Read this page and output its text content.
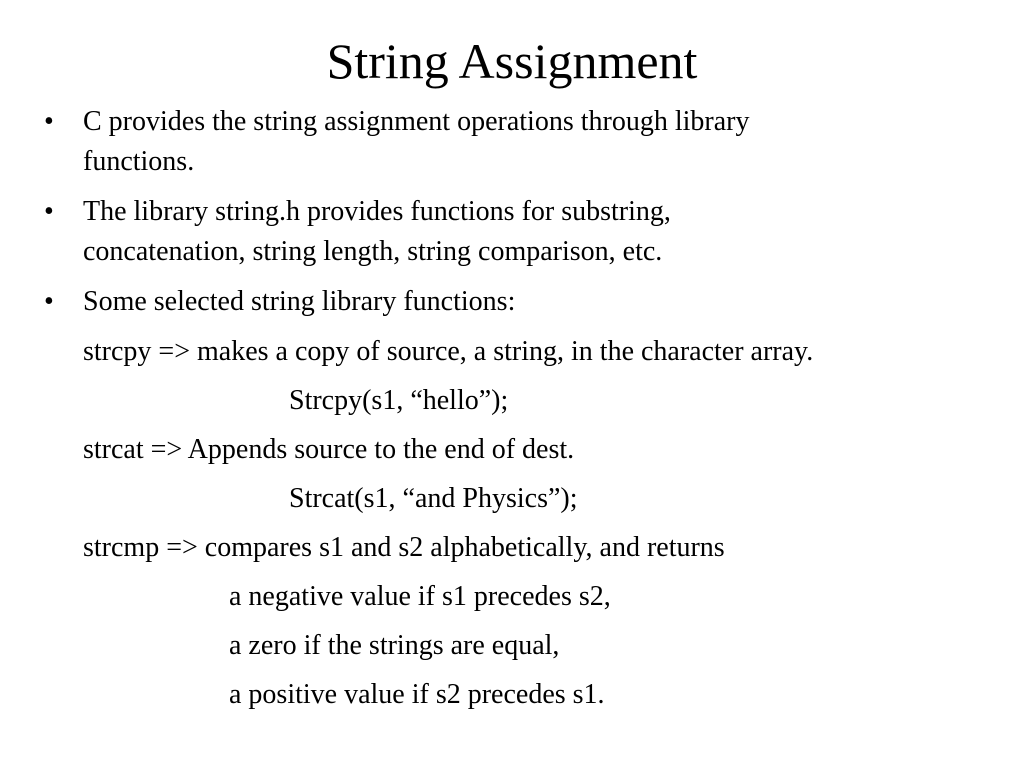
String Assignment
• C provides the string assignment operations through library
functions.
• The library string.h provides functions for substring,
concatenation, string length, string comparison, etc.
• Some selected string library functions:
strcpy => makes a copy of source, a string, in the character array.
Strcpy(s1, “hello”);
strcat => Appends source to the end of dest.
Strcat(s1, “and Physics”);
strcmp => compares s1 and s2 alphabetically, and returns
a negative value if s1 precedes s2,
a zero if the strings are equal,
a positive value if s2 precedes s1.
